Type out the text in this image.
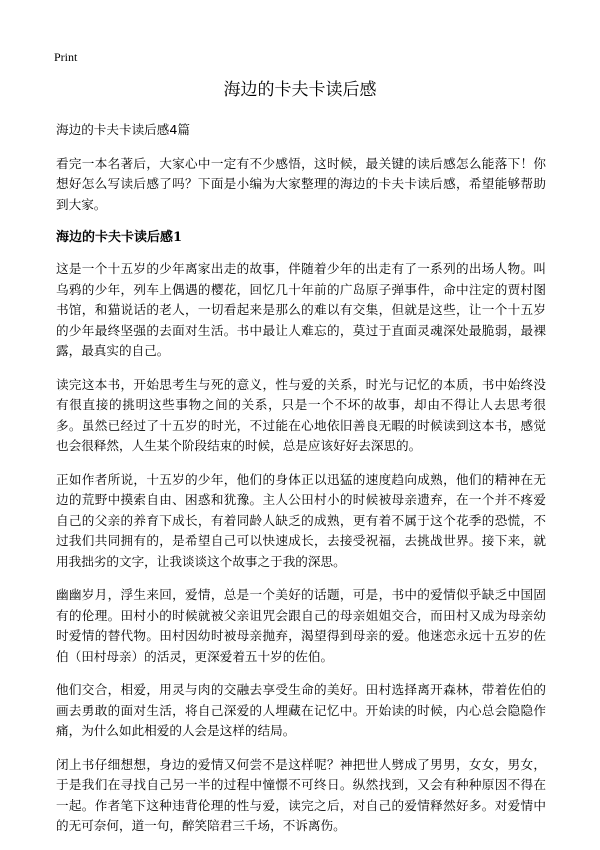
Print
海边的卡夫卡读后感

海边的卡夫卡读后感4篇

看完一本名著后，大家心中一定有不少感悟，这时候，最关键的读后感怎么能落下！你想好怎么写读后感了吗？下面是小编为大家整理的海边的卡夫卡读后感，希望能够帮助到大家。

海边的卡夫卡读后感1

这是一个十五岁的少年离家出走的故事，伴随着少年的出走有了一系列的出场人物。叫乌鸦的少年，列车上偶遇的樱花，回忆几十年前的广岛原子弹事件，命中注定的贾村图书馆，和猫说话的老人，一切看起来是那么的难以有交集，但就是这些，让一个十五岁的少年最终坚强的去面对生活。书中最让人难忘的，莫过于直面灵魂深处最脆弱，最裸露，最真实的自己。

读完这本书，开始思考生与死的意义，性与爱的关系，时光与记忆的本质，书中始终没有很直接的挑明这些事物之间的关系，只是一个不坏的故事，却由不得让人去思考很多。虽然已经过了十五岁的时光，不过能在心地依旧善良无暇的时候读到这本书，感觉也会很释然，人生某个阶段结束的时候，总是应该好好去深思的。

正如作者所说，十五岁的少年，他们的身体正以迅猛的速度趋向成熟，他们的精神在无边的荒野中摸索自由、困惑和犹豫。主人公田村小的时候被母亲遗弃，在一个并不疼爱自己的父亲的养育下成长，有着同龄人缺乏的成熟，更有着不属于这个花季的恐慌，不过我们共同拥有的，是希望自己可以快速成长，去接受祝福，去挑战世界。接下来，就用我拙劣的文字，让我谈谈这个故事之于我的深思。

幽幽岁月，浮生来回，爱情，总是一个美好的话题，可是，书中的爱情似乎缺乏中国固有的伦理。田村小的时候就被父亲诅咒会跟自己的母亲姐姐交合，而田村又成为母亲幼时爱情的替代物。田村因幼时被母亲抛弃，渴望得到母亲的爱。他迷恋永远十五岁的佐伯（田村母亲）的活灵，更深爱着五十岁的佐伯。

他们交合，相爱，用灵与肉的交融去享受生命的美好。田村选择离开森林，带着佐伯的画去勇敢的面对生活，将自己深爱的人埋藏在记忆中。开始读的时候，内心总会隐隐作痛，为什么如此相爱的人会是这样的结局。

闭上书仔细想想，身边的爱情又何尝不是这样呢？神把世人劈成了男男，女女，男女，于是我们在寻找自己另一半的过程中憧憬不可终日。纵然找到，又会有种种原因不得在一起。作者笔下这种违背伦理的性与爱，读完之后，对自己的爱情释然好多。对爱情中的无可奈何，道一句，醉笑陪君三千场，不诉离伤。
